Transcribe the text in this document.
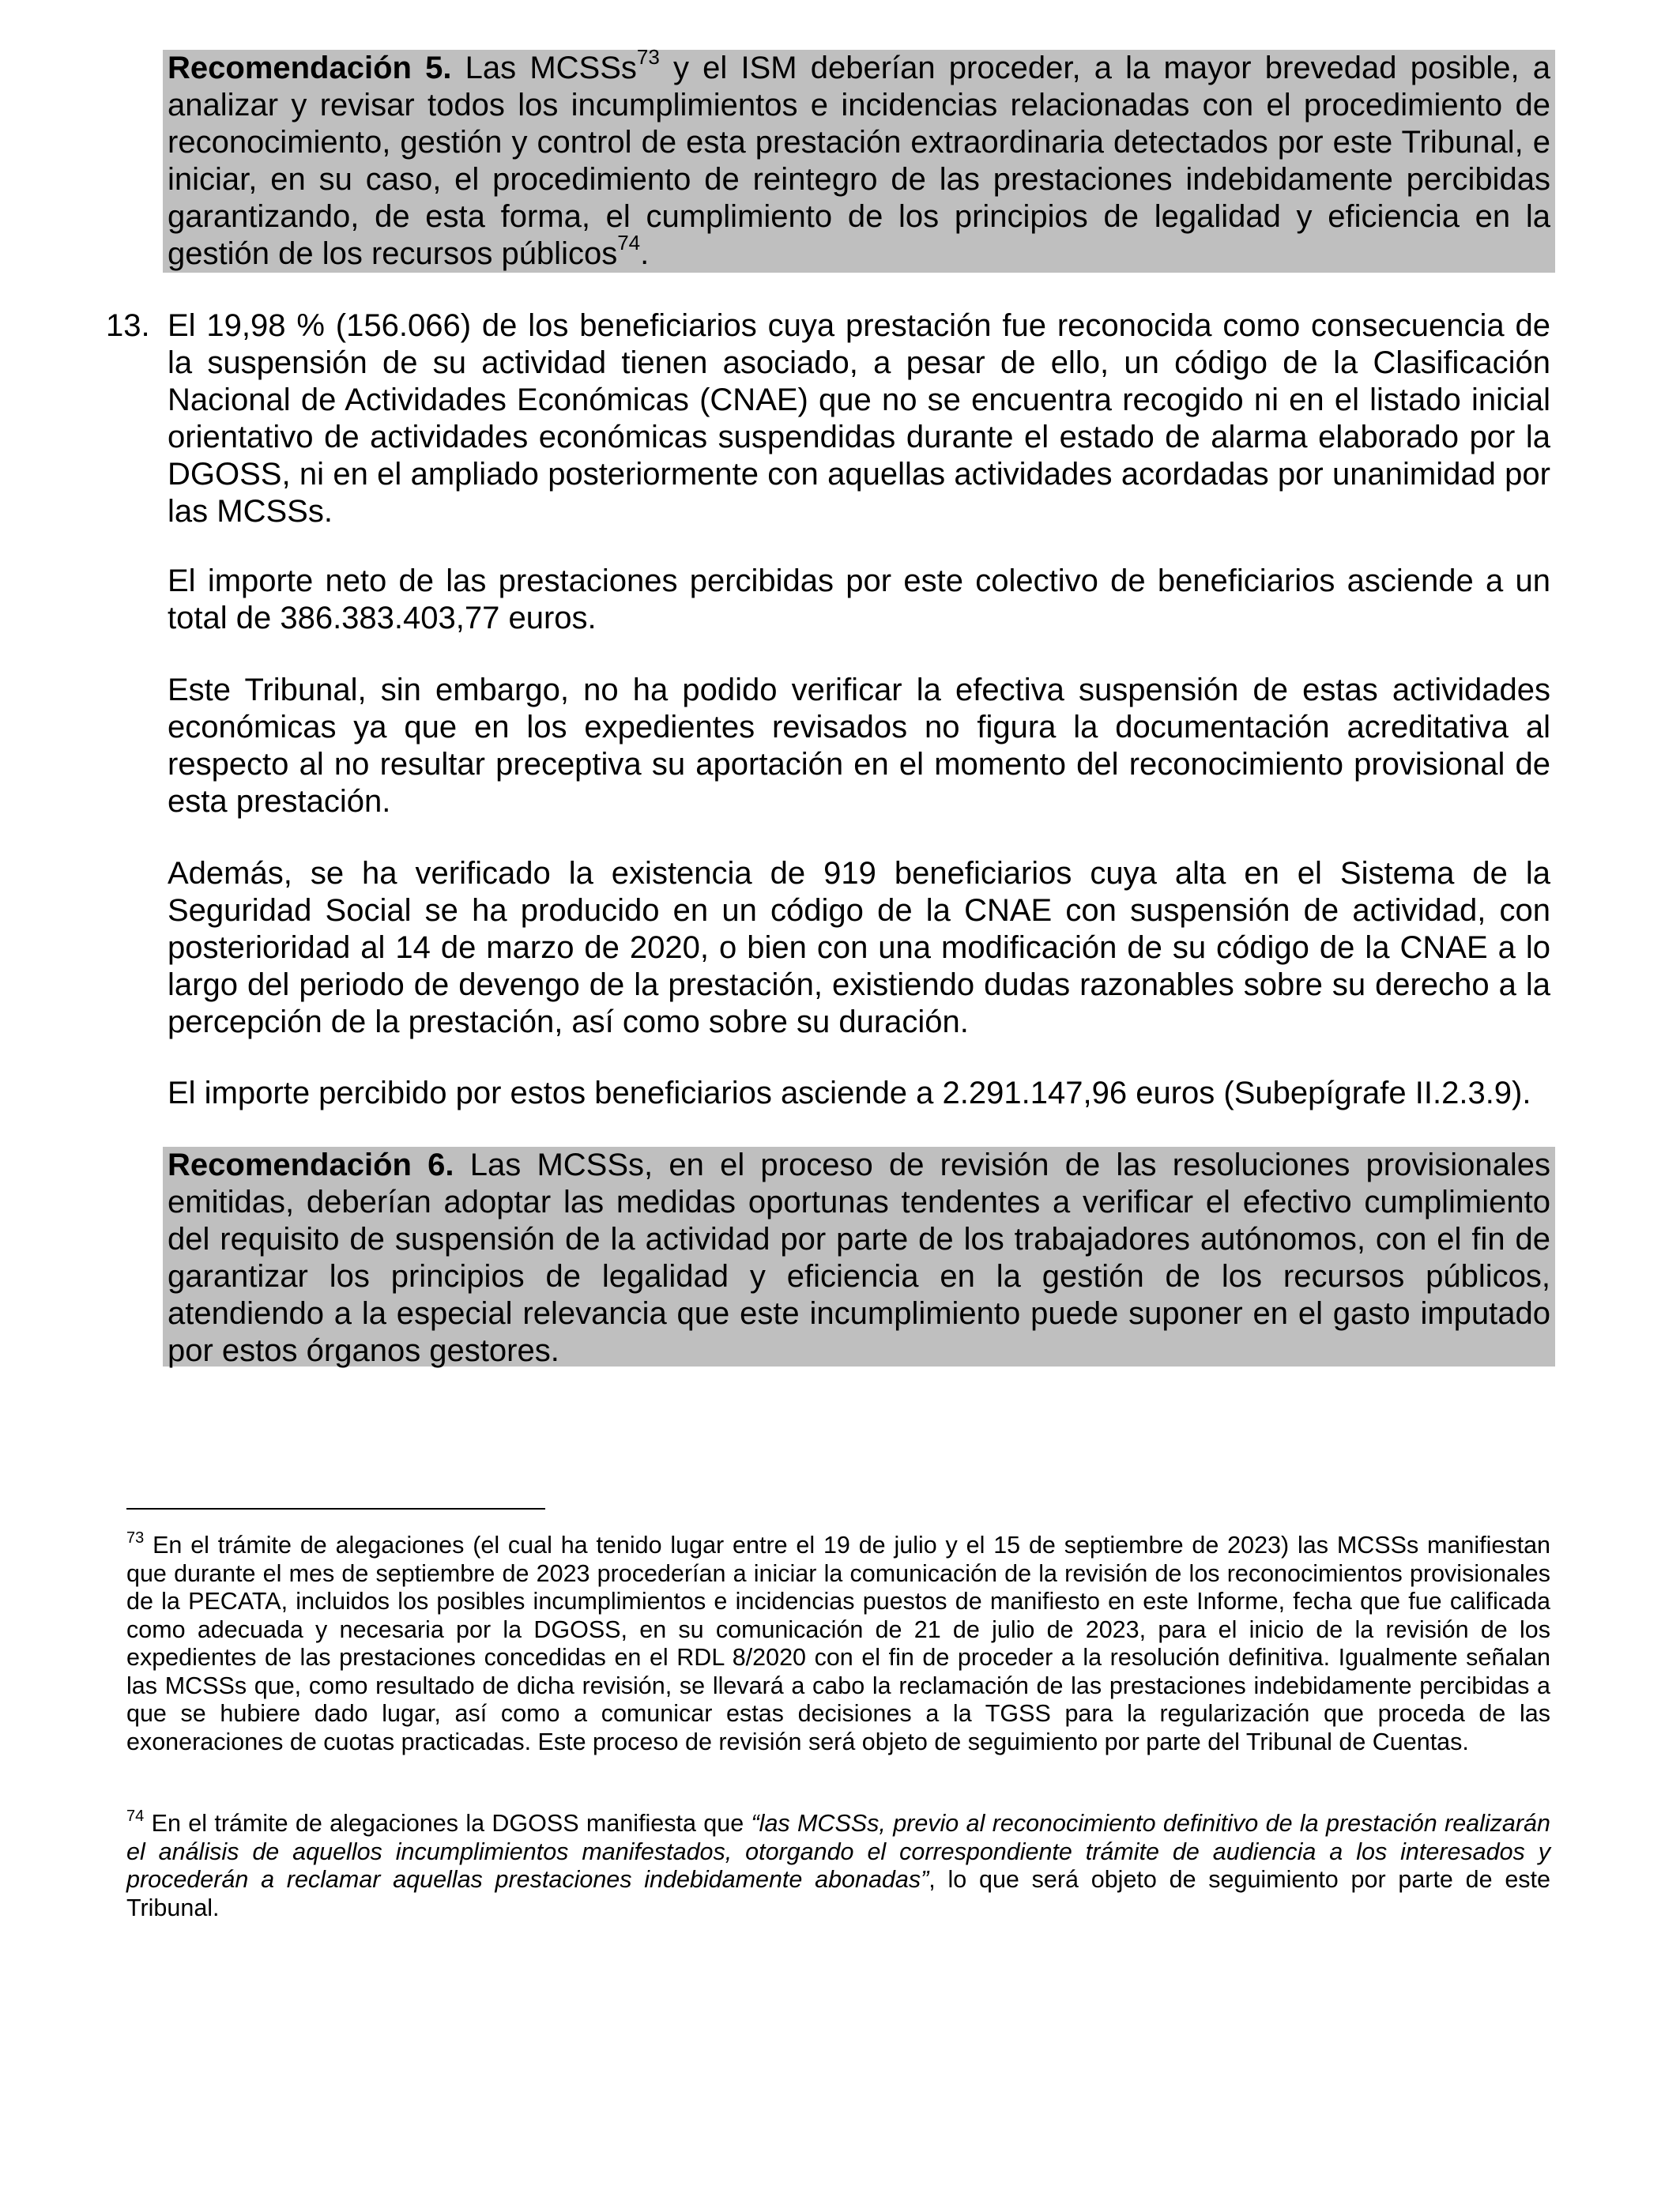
Recomendación 5. Las MCSSs$^{73}$ y el ISM deberían proceder, a la mayor brevedad posible, a analizar y revisar todos los incumplimientos e incidencias relacionadas con el procedimiento de reconocimiento, gestión y control de esta prestación extraordinaria detectados por este Tribunal, e iniciar, en su caso, el procedimiento de reintegro de las prestaciones indebidamente percibidas garantizando, de esta forma, el cumplimiento de los principios de legalidad y eficiencia en la gestión de los recursos públicos$^{74}$.
13. El 19,98 % (156.066) de los beneficiarios cuya prestación fue reconocida como consecuencia de la suspensión de su actividad tienen asociado, a pesar de ello, un código de la Clasificación Nacional de Actividades Económicas (CNAE) que no se encuentra recogido ni en el listado inicial orientativo de actividades económicas suspendidas durante el estado de alarma elaborado por la DGOSS, ni en el ampliado posteriormente con aquellas actividades acordadas por unanimidad por las MCSSs.
El importe neto de las prestaciones percibidas por este colectivo de beneficiarios asciende a un total de 386.383.403,77 euros.
Este Tribunal, sin embargo, no ha podido verificar la efectiva suspensión de estas actividades económicas ya que en los expedientes revisados no figura la documentación acreditativa al respecto al no resultar preceptiva su aportación en el momento del reconocimiento provisional de esta prestación.
Además, se ha verificado la existencia de 919 beneficiarios cuya alta en el Sistema de la Seguridad Social se ha producido en un código de la CNAE con suspensión de actividad, con posterioridad al 14 de marzo de 2020, o bien con una modificación de su código de la CNAE a lo largo del periodo de devengo de la prestación, existiendo dudas razonables sobre su derecho a la percepción de la prestación, así como sobre su duración.
El importe percibido por estos beneficiarios asciende a 2.291.147,96 euros (Subepígrafe II.2.3.9).
Recomendación 6. Las MCSSs, en el proceso de revisión de las resoluciones provisionales emitidas, deberían adoptar las medidas oportunas tendentes a verificar el efectivo cumplimiento del requisito de suspensión de la actividad por parte de los trabajadores autónomos, con el fin de garantizar los principios de legalidad y eficiencia en la gestión de los recursos públicos, atendiendo a la especial relevancia que este incumplimiento puede suponer en el gasto imputado por estos órganos gestores.
$^{73}$ En el trámite de alegaciones (el cual ha tenido lugar entre el 19 de julio y el 15 de septiembre de 2023) las MCSSs manifiestan que durante el mes de septiembre de 2023 procederían a iniciar la comunicación de la revisión de los reconocimientos provisionales de la PECATA, incluidos los posibles incumplimientos e incidencias puestos de manifiesto en este Informe, fecha que fue calificada como adecuada y necesaria por la DGOSS, en su comunicación de 21 de julio de 2023, para el inicio de la revisión de los expedientes de las prestaciones concedidas en el RDL 8/2020 con el fin de proceder a la resolución definitiva. Igualmente señalan las MCSSs que, como resultado de dicha revisión, se llevará a cabo la reclamación de las prestaciones indebidamente percibidas a que se hubiere dado lugar, así como a comunicar estas decisiones a la TGSS para la regularización que proceda de las exoneraciones de cuotas practicadas. Este proceso de revisión será objeto de seguimiento por parte del Tribunal de Cuentas.
$^{74}$ En el trámite de alegaciones la DGOSS manifiesta que “las MCSSs, previo al reconocimiento definitivo de la prestación realizarán el análisis de aquellos incumplimientos manifestados, otorgando el correspondiente trámite de audiencia a los interesados y procederán a reclamar aquellas prestaciones indebidamente abonadas”, lo que será objeto de seguimiento por parte de este Tribunal.
